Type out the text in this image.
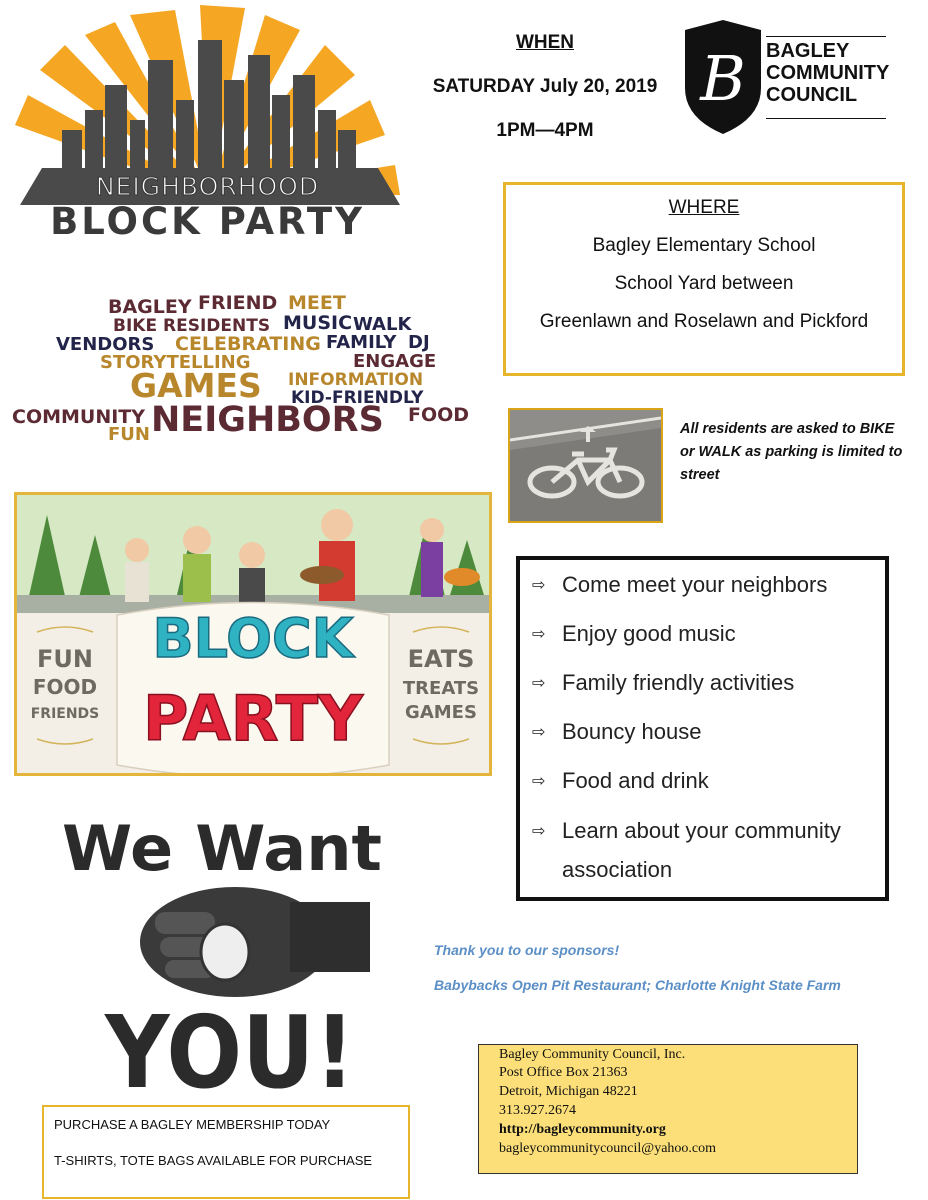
NEIGHBORHOOD
BLOCK PARTY
WHEN
SATURDAY July 20, 2019
1PM—4PM
B BAGLEY
COMMUNITY
COUNCIL
WHERE
Bagley Elementary School
School Yard between
Greenlawn and Roselawn and Pickford
BAGLEY FRIEND MEET
BIKE RESIDENTS MUSIC WALK
VENDORS CELEBRATING FAMILY DJ
STORYTELLING	ENGAGE
GAMES INFORMATION
KID-FRIENDLY
COMMUNITY NEIGHBORS FOOD
FUN	All residents are asked to BIKE or WALK as parking is limited to street
BLOCK
PARTY
FUN
FOOD
FRIENDS
EATS
TREATS
GAMES
⇨ Come meet your neighbors
⇨ Enjoy good music
⇨ Family friendly activities
⇨ Bouncy house
⇨ Food and drink
⇨ Learn about your community
association
We Want
YOU!
Thank you to our sponsors!
Babybacks Open Pit Restaurant; Charlotte Knight State Farm
PURCHASE A BAGLEY MEMBERSHIP TODAY
T-SHIRTS, TOTE BAGS AVAILABLE FOR PURCHASE
Bagley Community Council, Inc.
Post Office Box 21363
Detroit, Michigan 48221
313.927.2674
http://bagleycommunity.org
bagleycommunitycouncil@yahoo.com
